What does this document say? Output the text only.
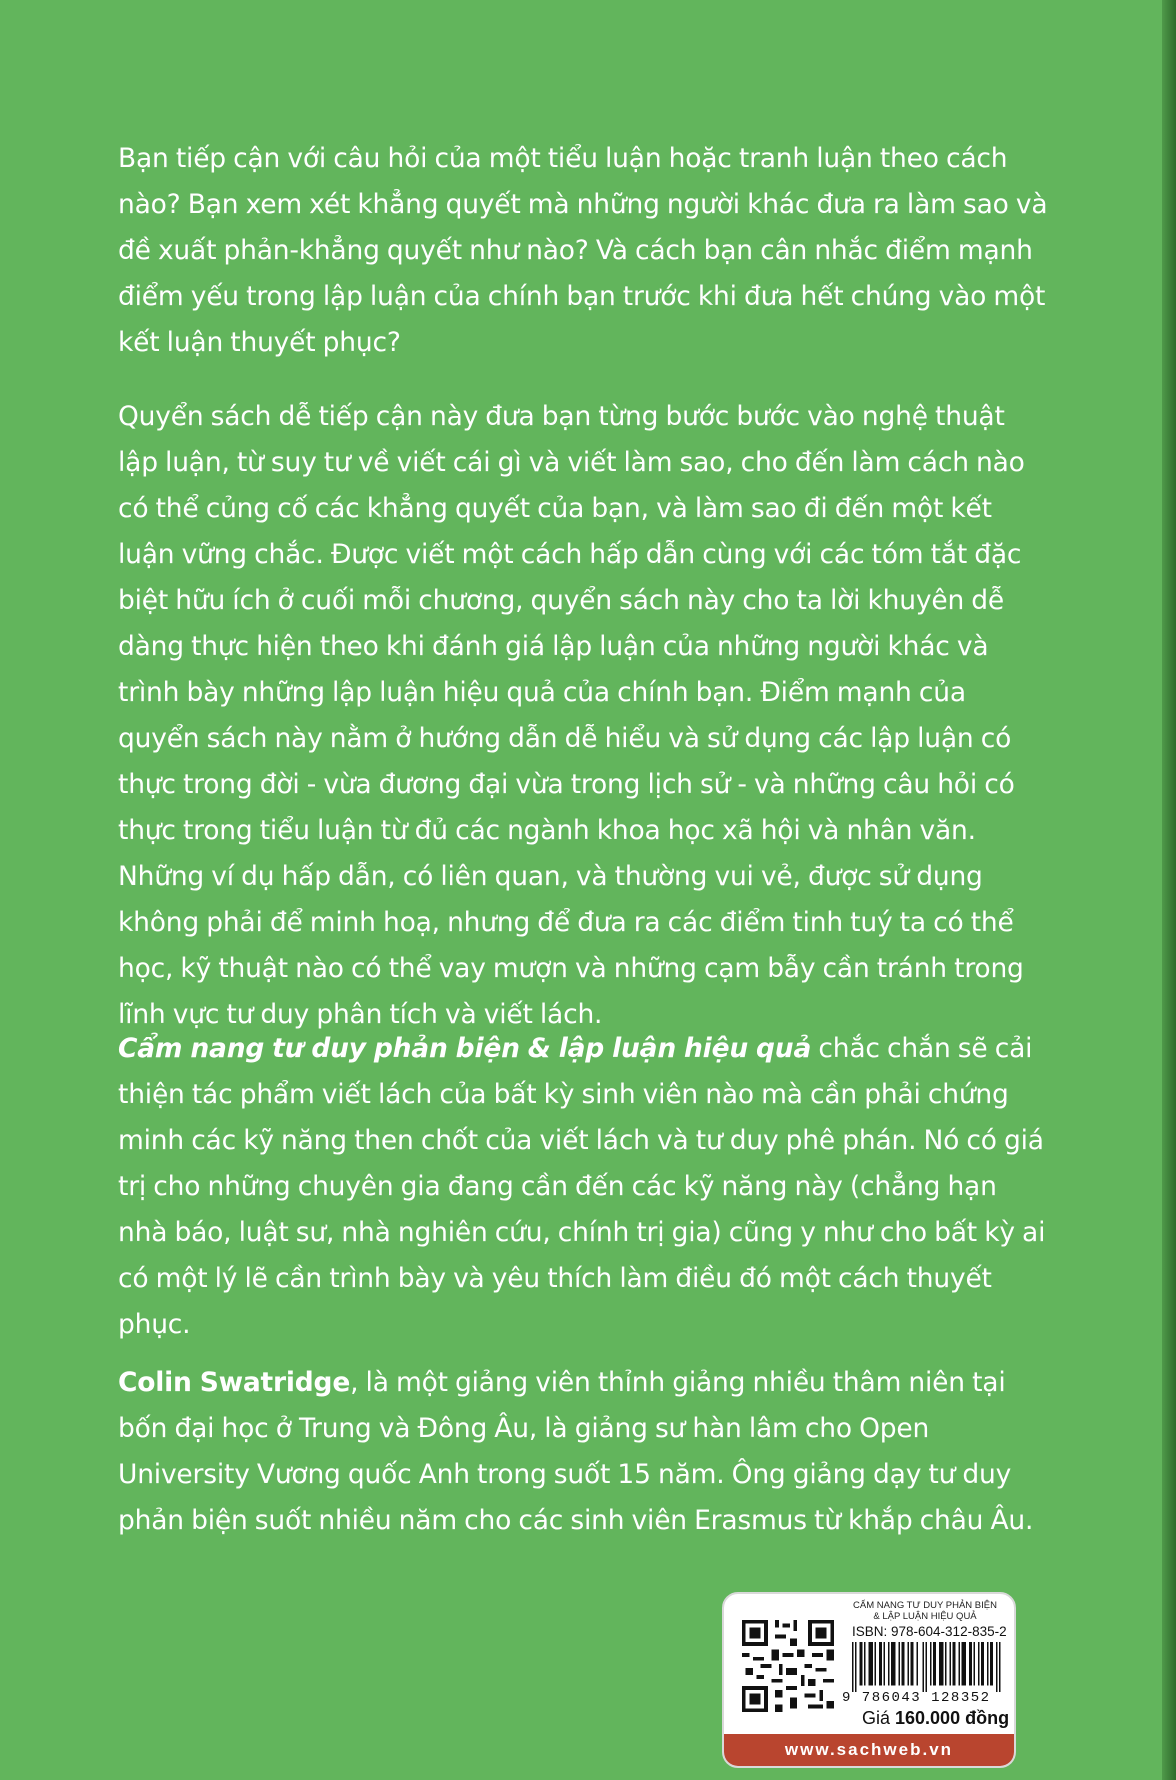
Bạn tiếp cận với câu hỏi của một tiểu luận hoặc tranh luận theo cách nào? Bạn xem xét khẳng quyết mà những người khác đưa ra làm sao và đề xuất phản-khẳng quyết như nào? Và cách bạn cân nhắc điểm mạnh điểm yếu trong lập luận của chính bạn trước khi đưa hết chúng vào một kết luận thuyết phục?

Quyển sách dễ tiếp cận này đưa bạn từng bước bước vào nghệ thuật lập luận, từ suy tư về viết cái gì và viết làm sao, cho đến làm cách nào có thể củng cố các khẳng quyết của bạn, và làm sao đi đến một kết luận vững chắc. Được viết một cách hấp dẫn cùng với các tóm tắt đặc biệt hữu ích ở cuối mỗi chương, quyển sách này cho ta lời khuyên dễ dàng thực hiện theo khi đánh giá lập luận của những người khác và trình bày những lập luận hiệu quả của chính bạn. Điểm mạnh của quyển sách này nằm ở hướng dẫn dễ hiểu và sử dụng các lập luận có thực trong đời - vừa đương đại vừa trong lịch sử - và những câu hỏi có thực trong tiểu luận từ đủ các ngành khoa học xã hội và nhân văn. Những ví dụ hấp dẫn, có liên quan, và thường vui vẻ, được sử dụng không phải để minh hoạ, nhưng để đưa ra các điểm tinh tuý ta có thể học, kỹ thuật nào có thể vay mượn và những cạm bẫy cần tránh trong lĩnh vực tư duy phân tích và viết lách.

Cẩm nang tư duy phản biện & lập luận hiệu quả chắc chắn sẽ cải thiện tác phẩm viết lách của bất kỳ sinh viên nào mà cần phải chứng minh các kỹ năng then chốt của viết lách và tư duy phê phán. Nó có giá trị cho những chuyên gia đang cần đến các kỹ năng này (chẳng hạn nhà báo, luật sư, nhà nghiên cứu, chính trị gia) cũng y như cho bất kỳ ai có một lý lẽ cần trình bày và yêu thích làm điều đó một cách thuyết phục.

Colin Swatridge, là một giảng viên thỉnh giảng nhiều thâm niên tại bốn đại học ở Trung và Đông Âu, là giảng sư hàn lâm cho Open University Vương quốc Anh trong suốt 15 năm. Ông giảng dạy tư duy phản biện suốt nhiều năm cho các sinh viên Erasmus từ khắp châu Âu.

CẨM NANG TƯ DUY PHẢN BIỆN
& LẬP LUẬN HIỆU QUẢ
ISBN: 978-604-312-835-2
9 786043 128352
Giá 160.000 đồng
www.sachweb.vn
